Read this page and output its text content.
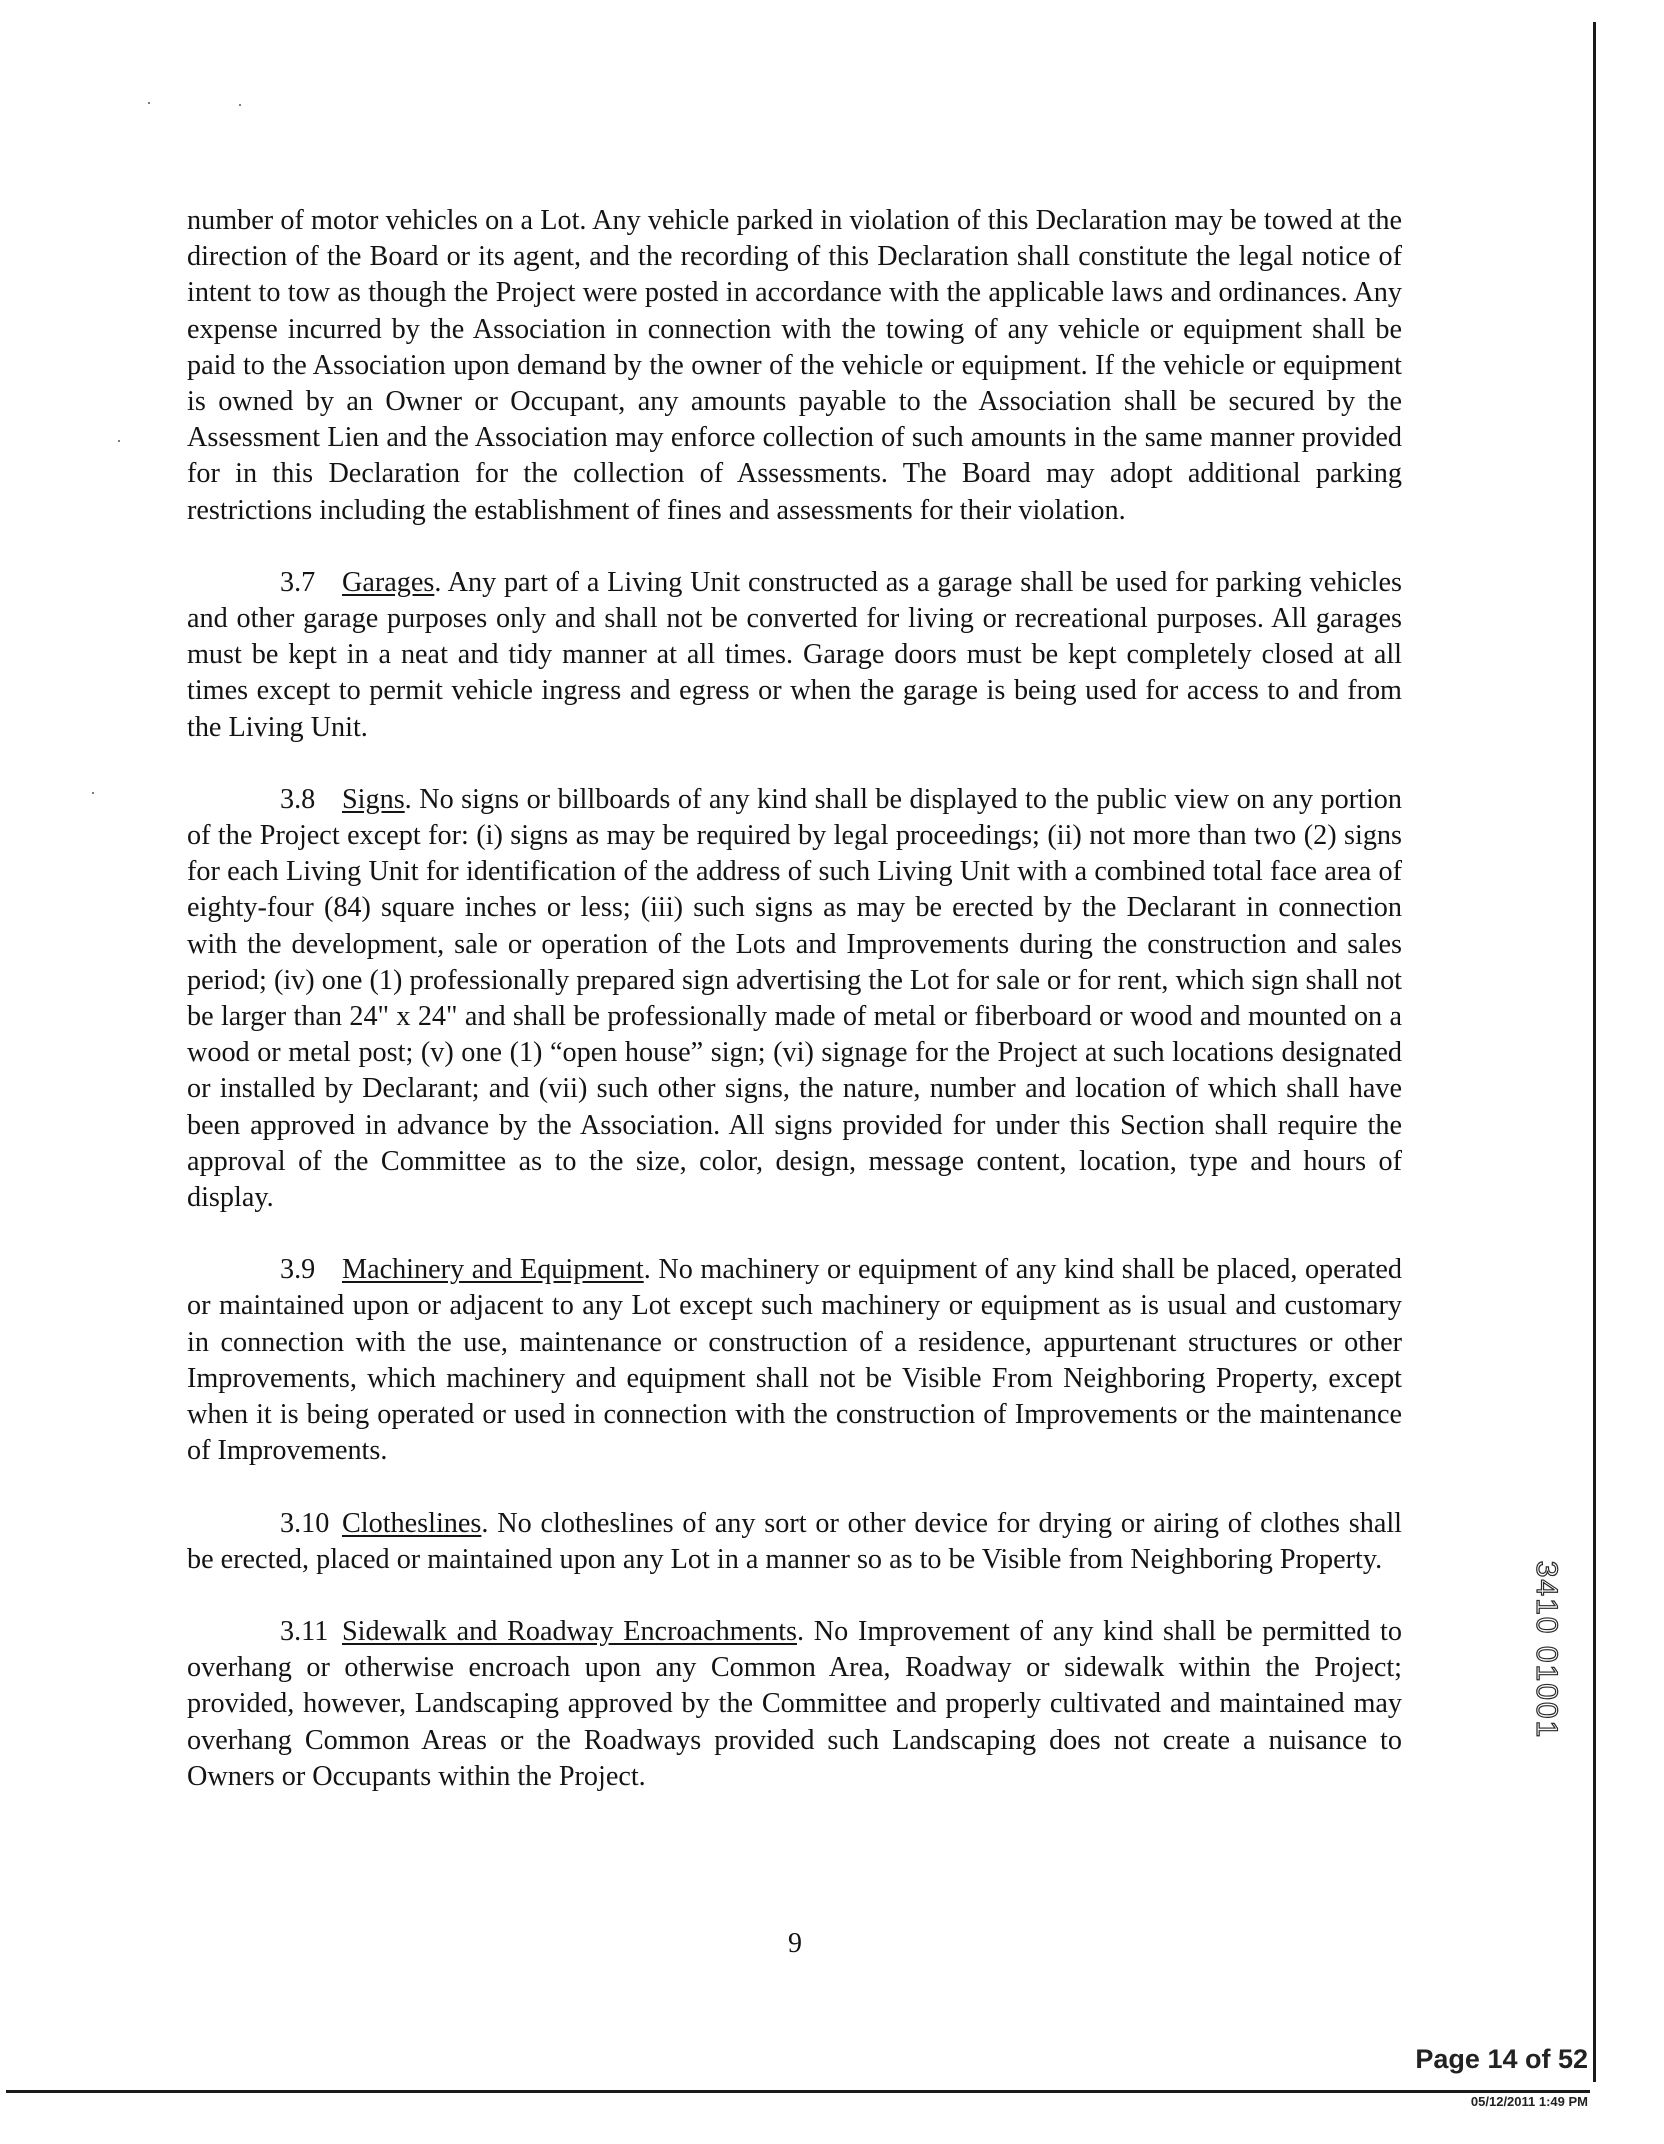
number of motor vehicles on a Lot. Any vehicle parked in violation of this Declaration may be towed at the direction of the Board or its agent, and the recording of this Declaration shall constitute the legal notice of intent to tow as though the Project were posted in accordance with the applicable laws and ordinances. Any expense incurred by the Association in connection with the towing of any vehicle or equipment shall be paid to the Association upon demand by the owner of the vehicle or equipment. If the vehicle or equipment is owned by an Owner or Occupant, any amounts payable to the Association shall be secured by the Assessment Lien and the Association may enforce collection of such amounts in the same manner provided for in this Declaration for the collection of Assessments. The Board may adopt additional parking restrictions including the establishment of fines and assessments for their violation.

3.7 Garages. Any part of a Living Unit constructed as a garage shall be used for parking vehicles and other garage purposes only and shall not be converted for living or recreational purposes. All garages must be kept in a neat and tidy manner at all times. Garage doors must be kept completely closed at all times except to permit vehicle ingress and egress or when the garage is being used for access to and from the Living Unit.

3.8 Signs. No signs or billboards of any kind shall be displayed to the public view on any portion of the Project except for: (i) signs as may be required by legal proceedings; (ii) not more than two (2) signs for each Living Unit for identification of the address of such Living Unit with a combined total face area of eighty-four (84) square inches or less; (iii) such signs as may be erected by the Declarant in connection with the development, sale or operation of the Lots and Improvements during the construction and sales period; (iv) one (1) professionally prepared sign advertising the Lot for sale or for rent, which sign shall not be larger than 24" x 24" and shall be professionally made of metal or fiberboard or wood and mounted on a wood or metal post; (v) one (1) “open house” sign; (vi) signage for the Project at such locations designated or installed by Declarant; and (vii) such other signs, the nature, number and location of which shall have been approved in advance by the Association. All signs provided for under this Section shall require the approval of the Committee as to the size, color, design, message content, location, type and hours of display.

3.9 Machinery and Equipment. No machinery or equipment of any kind shall be placed, operated or maintained upon or adjacent to any Lot except such machinery or equipment as is usual and customary in connection with the use, maintenance or construction of a residence, appurtenant structures or other Improvements, which machinery and equipment shall not be Visible From Neighboring Property, except when it is being operated or used in connection with the construction of Improvements or the maintenance of Improvements.

3.10 Clotheslines. No clotheslines of any sort or other device for drying or airing of clothes shall be erected, placed or maintained upon any Lot in a manner so as to be Visible from Neighboring Property.

3.11 Sidewalk and Roadway Encroachments. No Improvement of any kind shall be permitted to overhang or otherwise encroach upon any Common Area, Roadway or sidewalk within the Project; provided, however, Landscaping approved by the Committee and properly cultivated and maintained may overhang Common Areas or the Roadways provided such Landscaping does not create a nuisance to Owners or Occupants within the Project.

9
3410 01001
Page 14 of 52
05/12/2011 1:49 PM
